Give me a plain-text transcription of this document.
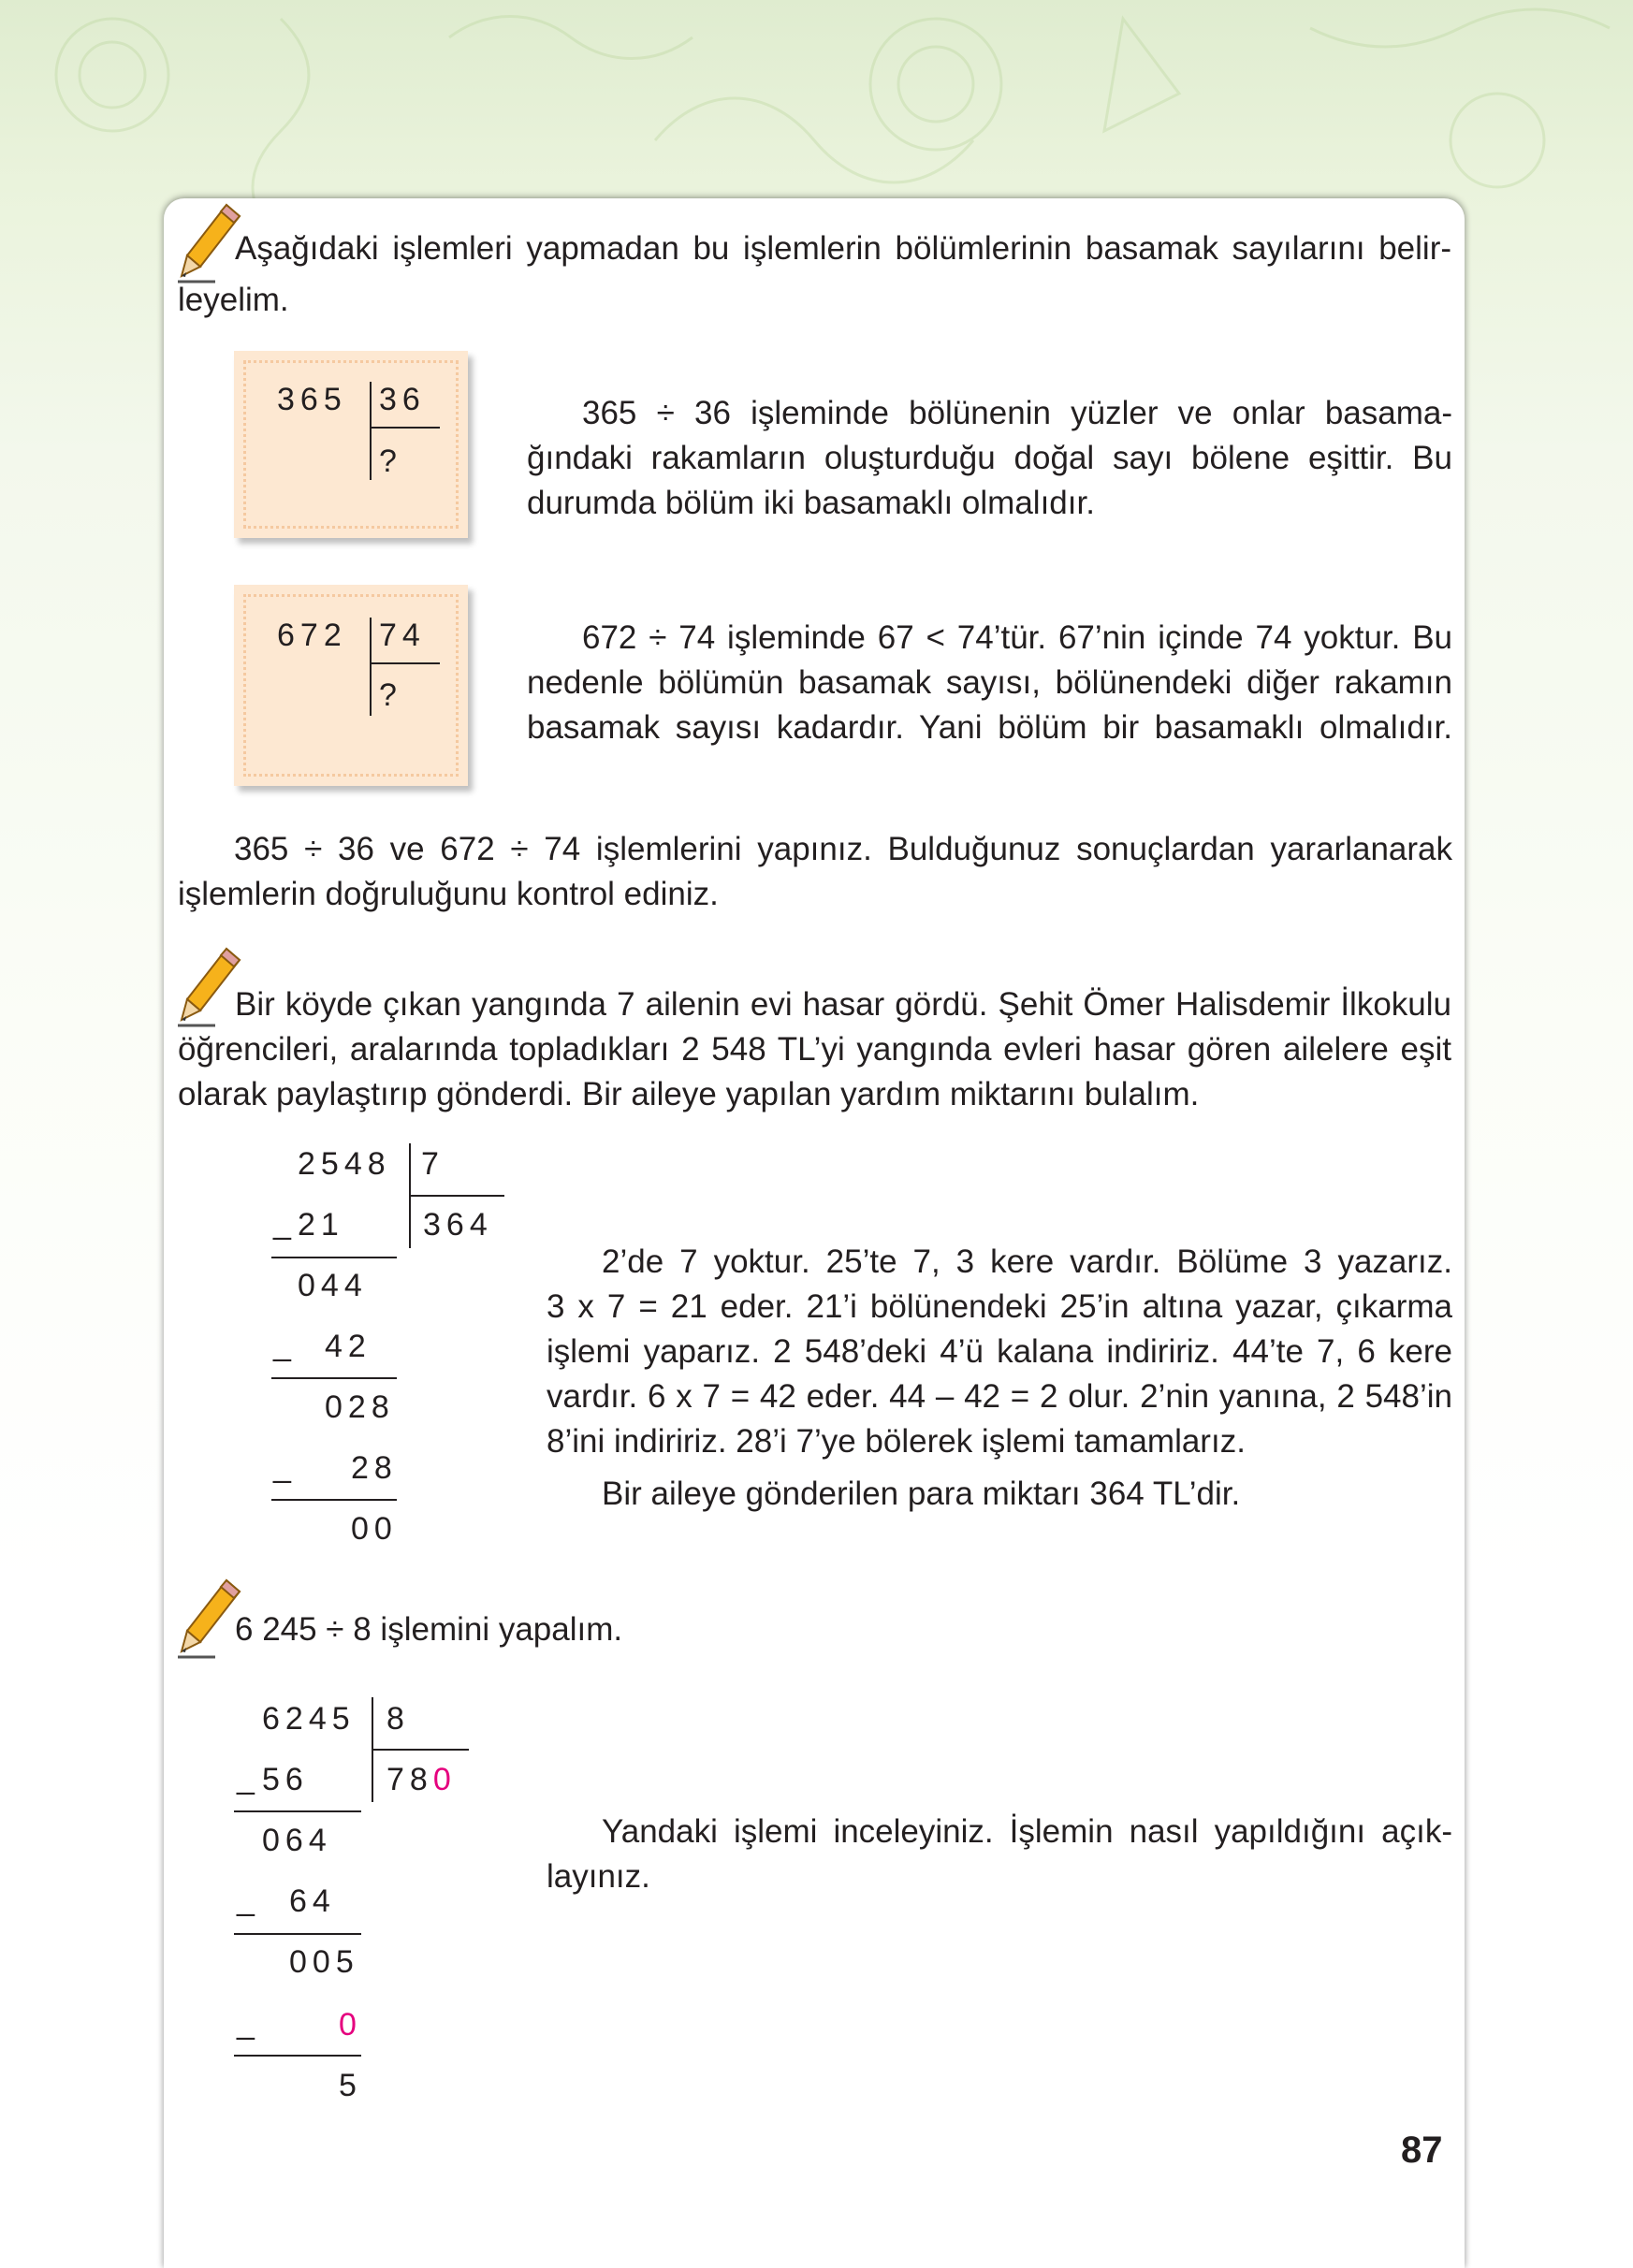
Aşağıdaki işlemleri yapmadan bu işlemlerin bölümlerinin basamak sayılarını belir-
leyelim.
365 36
?
365 ÷ 36 işleminde bölünenin yüzler ve onlar basama-
ğındaki rakamların oluşturduğu doğal sayı bölene eşittir. Bu
durumda bölüm iki basamaklı olmalıdır.
672 74
?
672 ÷ 74 işleminde 67 < 74’tür. 67’nin içinde 74 yoktur. Bu
nedenle bölümün basamak sayısı, bölünendeki diğer rakamın
basamak sayısı kadardır. Yani bölüm bir basamaklı olmalıdır.
365 ÷ 36 ve 672 ÷ 74 işlemlerini yapınız. Bulduğunuz sonuçlardan yararlanarak
işlemlerin doğruluğunu kontrol ediniz.
Bir köyde çıkan yangında 7 ailenin evi hasar gördü. Şehit Ömer Halisdemir İlkokulu
öğrencileri, aralarında topladıkları 2 548 TL’yi yangında evleri hasar gören ailelere eşit
olarak paylaştırıp gönderdi. Bir aileye yapılan yardım miktarını bulalım.
2548 7
364
_ 21
044
_ 42
028
_ 28
00
2’de 7 yoktur. 25’te 7, 3 kere vardır. Bölüme 3 yazarız.
3 x 7 = 21 eder. 21’i bölünendeki 25’in altına yazar, çıkarma
işlemi yaparız. 2 548’deki 4’ü kalana indiririz. 44’te 7, 6 kere
vardır. 6 x 7 = 42 eder. 44 – 42 = 2 olur. 2’nin yanına, 2 548’in
8’ini indiririz. 28’i 7’ye bölerek işlemi tamamlarız.
Bir aileye gönderilen para miktarı 364 TL’dir.
6 245 ÷ 8 işlemini yapalım.
6245 8
780
_ 56
064
_ 64
005
_ 0
5
Yandaki işlemi inceleyiniz. İşlemin nasıl yapıldığını açık-
layınız.
87
